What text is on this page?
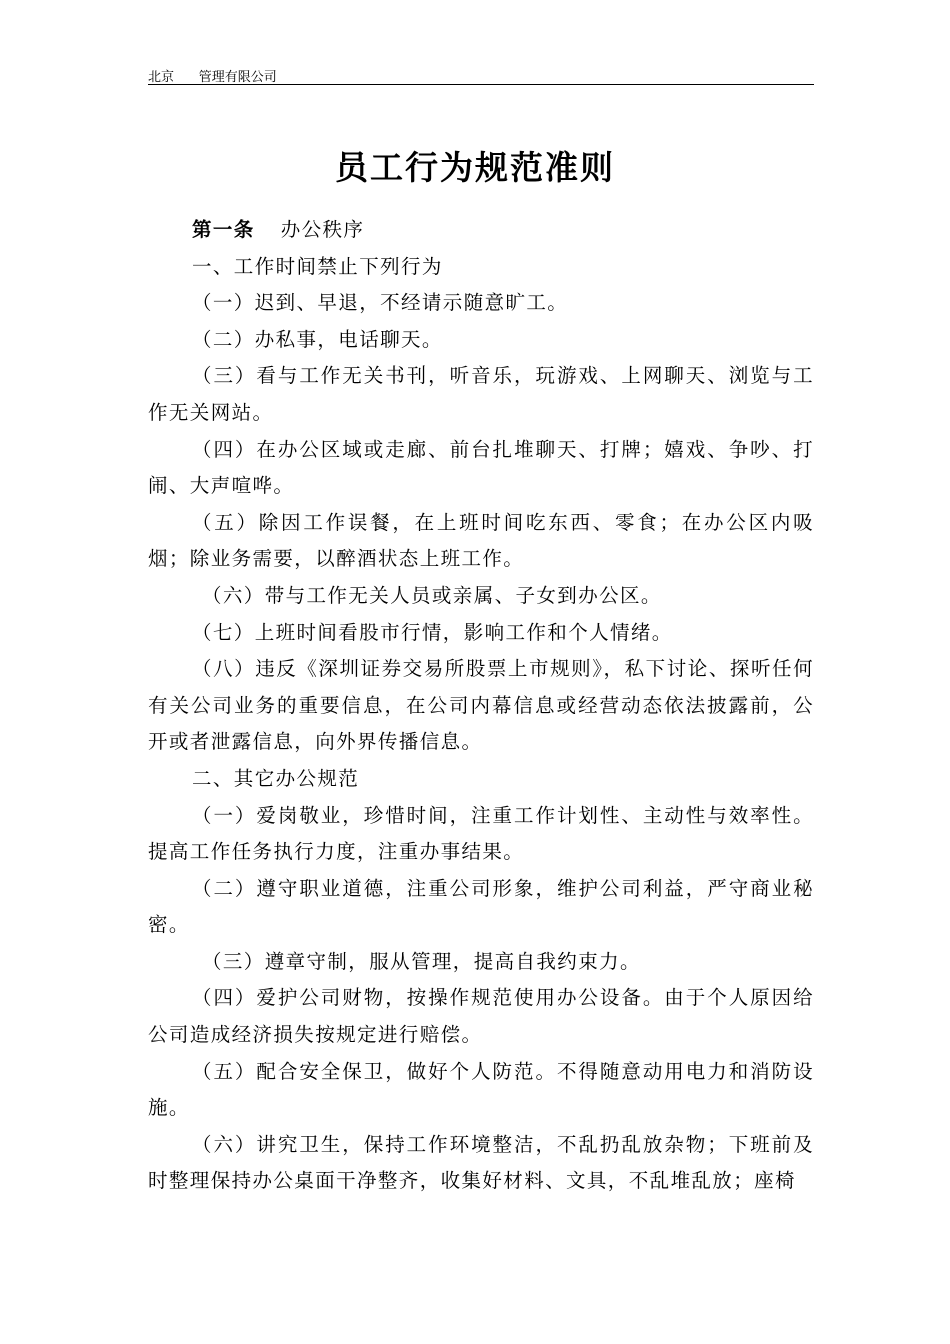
北京      管理有限公司
员工行为规范准则

第一条 办公秩序

一、工作时间禁止下列行为

（一）迟到、早退，不经请示随意旷工。

（二）办私事，电话聊天。

（三）看与工作无关书刊，听音乐，玩游戏、上网聊天、浏览与工作无关网站。

（四）在办公区域或走廊、前台扎堆聊天、打牌；嬉戏、争吵、打闹、大声喧哗。

（五）除因工作误餐，在上班时间吃东西、零食；在办公区内吸烟；除业务需要，以醉酒状态上班工作。

（六）带与工作无关人员或亲属、子女到办公区。

（七）上班时间看股市行情，影响工作和个人情绪。

（八）违反《深圳证券交易所股票上市规则》，私下讨论、探听任何有关公司业务的重要信息，在公司内幕信息或经营动态依法披露前，公开或者泄露信息，向外界传播信息。

二、其它办公规范

（一）爱岗敬业，珍惜时间，注重工作计划性、主动性与效率性。提高工作任务执行力度，注重办事结果。

（二）遵守职业道德，注重公司形象，维护公司利益，严守商业秘密。

（三）遵章守制，服从管理，提高自我约束力。

（四）爱护公司财物，按操作规范使用办公设备。由于个人原因给公司造成经济损失按规定进行赔偿。

（五）配合安全保卫，做好个人防范。不得随意动用电力和消防设施。

（六）讲究卫生，保持工作环境整洁，不乱扔乱放杂物；下班前及时整理保持办公桌面干净整齐，收集好材料、文具，不乱堆乱放；座椅
